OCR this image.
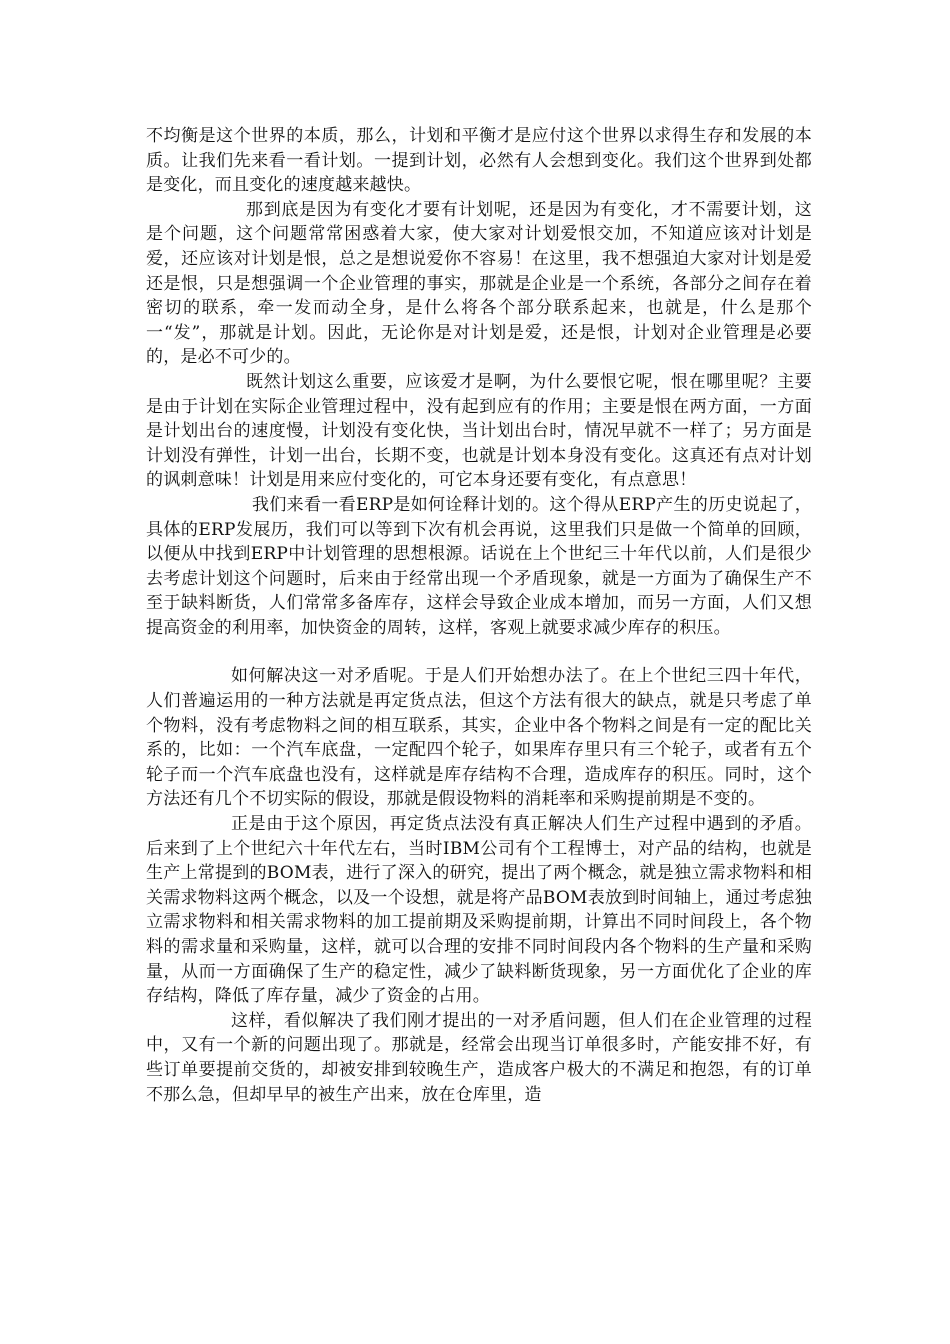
不均衡是这个世界的本质，那么，计划和平衡才是应付这个世界以求得生存和发展的本质。让我们先来看一看计划。一提到计划，必然有人会想到变化。我们这个世界到处都是变化，而且变化的速度越来越快。

那到底是因为有变化才要有计划呢，还是因为有变化，才不需要计划，这是个问题，这个问题常常困惑着大家，使大家对计划爱恨交加，不知道应该对计划是爱，还应该对计划是恨，总之是想说爱你不容易！在这里，我不想强迫大家对计划是爱还是恨，只是想强调一个企业管理的事实，那就是企业是一个系统，各部分之间存在着密切的联系，牵一发而动全身，是什么将各个部分联系起来，也就是，什么是那个一“发”，那就是计划。因此，无论你是对计划是爱，还是恨，计划对企业管理是必要的，是必不可少的。

既然计划这么重要，应该爱才是啊，为什么要恨它呢，恨在哪里呢？主要是由于计划在实际企业管理过程中，没有起到应有的作用；主要是恨在两方面，一方面是计划出台的速度慢，计划没有变化快，当计划出台时，情况早就不一样了；另方面是计划没有弹性，计划一出台，长期不变，也就是计划本身没有变化。这真还有点对计划的讽刺意味！计划是用来应付变化的，可它本身还要有变化，有点意思！

我们来看一看ERP是如何诠释计划的。这个得从ERP产生的历史说起了，具体的ERP发展历，我们可以等到下次有机会再说，这里我们只是做一个简单的回顾，以便从中找到ERP中计划管理的思想根源。话说在上个世纪三十年代以前，人们是很少去考虑计划这个问题时，后来由于经常出现一个矛盾现象，就是一方面为了确保生产不至于缺料断货，人们常常多备库存，这样会导致企业成本增加，而另一方面，人们又想提高资金的利用率，加快资金的周转，这样，客观上就要求减少库存的积压。

如何解决这一对矛盾呢。于是人们开始想办法了。在上个世纪三四十年代，人们普遍运用的一种方法就是再定货点法，但这个方法有很大的缺点，就是只考虑了单个物料，没有考虑物料之间的相互联系，其实，企业中各个物料之间是有一定的配比关系的，比如：一个汽车底盘，一定配四个轮子，如果库存里只有三个轮子，或者有五个轮子而一个汽车底盘也没有，这样就是库存结构不合理，造成库存的积压。同时，这个方法还有几个不切实际的假设，那就是假设物料的消耗率和采购提前期是不变的。

正是由于这个原因，再定货点法没有真正解决人们生产过程中遇到的矛盾。后来到了上个世纪六十年代左右，当时IBM公司有个工程博士，对产品的结构，也就是生产上常提到的BOM表，进行了深入的研究，提出了两个概念，就是独立需求物料和相关需求物料这两个概念，以及一个设想，就是将产品BOM表放到时间轴上，通过考虑独立需求物料和相关需求物料的加工提前期及采购提前期，计算出不同时间段上，各个物料的需求量和采购量，这样，就可以合理的安排不同时间段内各个物料的生产量和采购量，从而一方面确保了生产的稳定性，减少了缺料断货现象，另一方面优化了企业的库存结构，降低了库存量，减少了资金的占用。

这样，看似解决了我们刚才提出的一对矛盾问题，但人们在企业管理的过程中，又有一个新的问题出现了。那就是，经常会出现当订单很多时，产能安排不好，有些订单要提前交货的，却被安排到较晚生产，造成客户极大的不满足和抱怨，有的订单不那么急，但却早早的被生产出来，放在仓库里，造
